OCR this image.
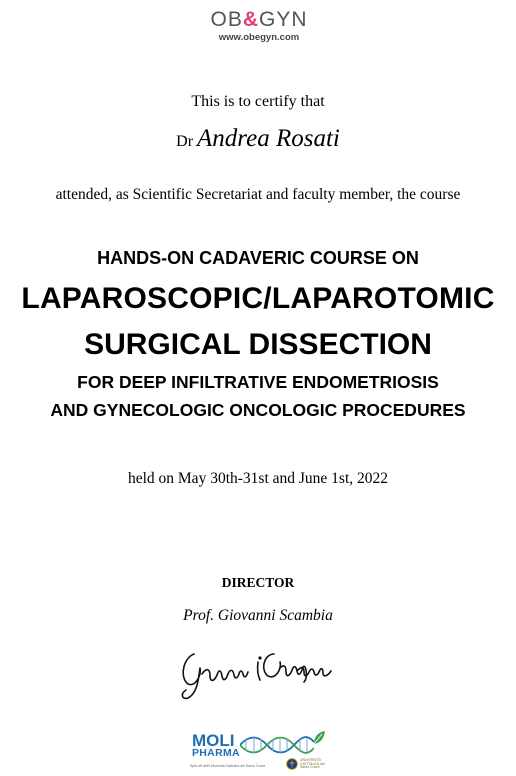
OB&GYN
www.obegyn.com
This is to certify that
Dr Andrea Rosati
attended, as Scientific Secretariat and faculty member, the course
HANDS-ON CADAVERIC COURSE ON
LAPAROSCOPIC/LAPAROTOMIC
SURGICAL DISSECTION
FOR DEEP INFILTRATIVE ENDOMETRIOSIS
AND GYNECOLOGIC ONCOLOGIC PROCEDURES
held on May 30th-31st and June 1st, 2022
DIRECTOR
Prof. Giovanni Scambia
MOLI
PHARMA
Spin-off dell'Università Cattolica del Sacro Cuore
UNIVERSITÀ CATTOLICA del Sacro Cuore
